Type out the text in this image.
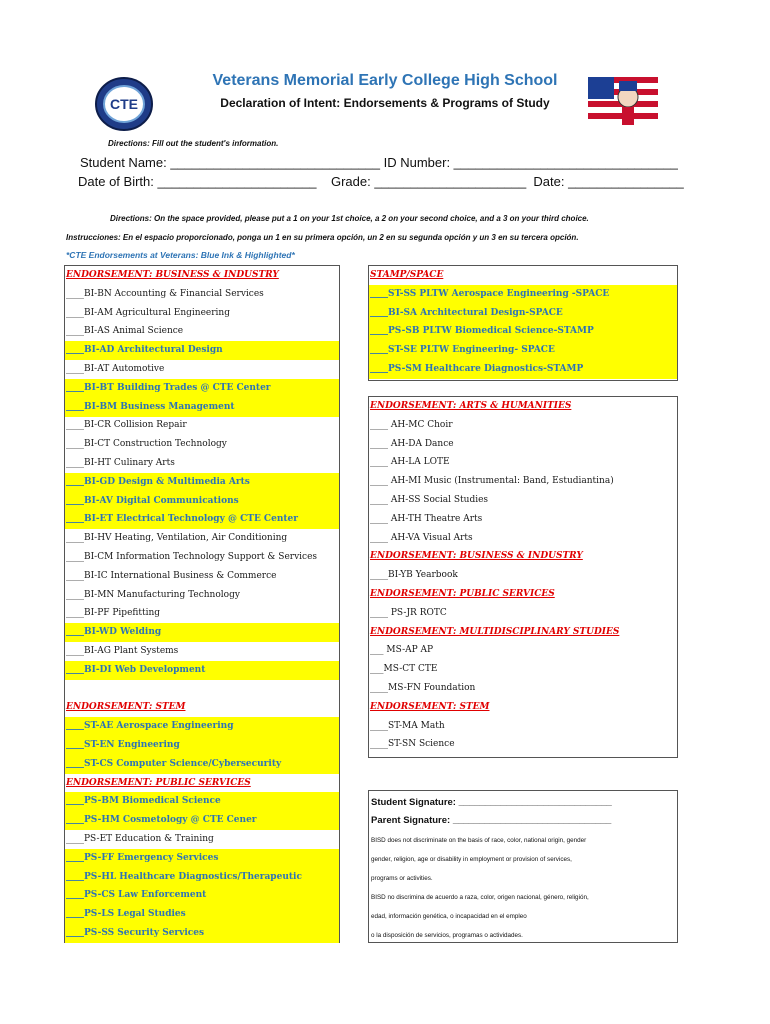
CTE
Veterans Memorial Early College High School
Declaration of Intent: Endorsements & Programs of Study
Directions: Fill out the student's information.
Student Name: _____________________________ ID Number: _______________________________
Date of Birth: ______________________    Grade: _____________________  Date: ________________
Directions: On the space provided, please put a 1 on your 1st choice, a 2 on your second choice, and a 3 on your third choice.
Instrucciones: En el espacio proporcionado, ponga un 1 en su primera opción, un 2 en su segunda opción y un 3 en su tercera opción.
*CTE Endorsements at Veterans: Blue Ink & Highlighted*
ENDORSEMENT: BUSINESS & INDUSTRY
____BI-BN Accounting & Financial Services
____BI-AM Agricultural Engineering
____BI-AS Animal Science
____BI-AD Architectural Design
____BI-AT Automotive
____BI-BT Building Trades @ CTE Center
____BI-BM Business Management
____BI-CR Collision Repair
____BI-CT Construction Technology
____BI-HT Culinary Arts
____BI-GD Design & Multimedia Arts
____BI-AV Digital Communications
____BI-ET Electrical Technology @ CTE Center
____BI-HV Heating, Ventilation, Air Conditioning
____BI-CM Information Technology Support & Services
____BI-IC International Business & Commerce
____BI-MN Manufacturing Technology
____BI-PF Pipefitting
____BI-WD Welding
____BI-AG Plant Systems
____BI-DI Web Development
ENDORSEMENT: STEM
____ST-AE Aerospace Engineering
____ST-EN Engineering
____ST-CS Computer Science/Cybersecurity
ENDORSEMENT: PUBLIC SERVICES
____PS-BM Biomedical Science
____PS-HM Cosmetology @ CTE Cener
____PS-ET Education & Training
____PS-FF Emergency Services
____PS-HL Healthcare Diagnostics/Therapeutic
____PS-CS Law Enforcement
____PS-LS Legal Studies
____PS-SS Security Services
STAMP/SPACE
____ST-SS PLTW Aerospace Engineering -SPACE
____BI-SA Architectural Design-SPACE
____PS-SB PLTW Biomedical Science-STAMP
____ST-SE PLTW Engineering- SPACE
____PS-SM Healthcare Diagnostics-STAMP
ENDORSEMENT: ARTS & HUMANITIES
____ AH-MC Choir
____ AH-DA Dance
____ AH-LA LOTE
____ AH-MI Music (Instrumental: Band, Estudiantina)
____ AH-SS Social Studies
____ AH-TH Theatre Arts
____ AH-VA Visual Arts
ENDORSEMENT: BUSINESS & INDUSTRY
____BI-YB Yearbook
ENDORSEMENT: PUBLIC SERVICES
____ PS-JR ROTC
ENDORSEMENT: MULTIDISCIPLINARY STUDIES
___ MS-AP AP
___MS-CT CTE
____MS-FN Foundation
ENDORSEMENT: STEM
____ST-MA Math
____ST-SN Science
Student Signature: _____________________________
Parent Signature: ______________________________
BISD does not discriminate on the basis of race, color, national origin, gender
gender, religion, age or disability in employment or provision of services,
programs or activities.
BISD no discrimina de acuerdo a raza, color, origen nacional, género, religión,
edad, información genética, o incapacidad en el empleo
o la disposición de servicios, programas o actividades.
